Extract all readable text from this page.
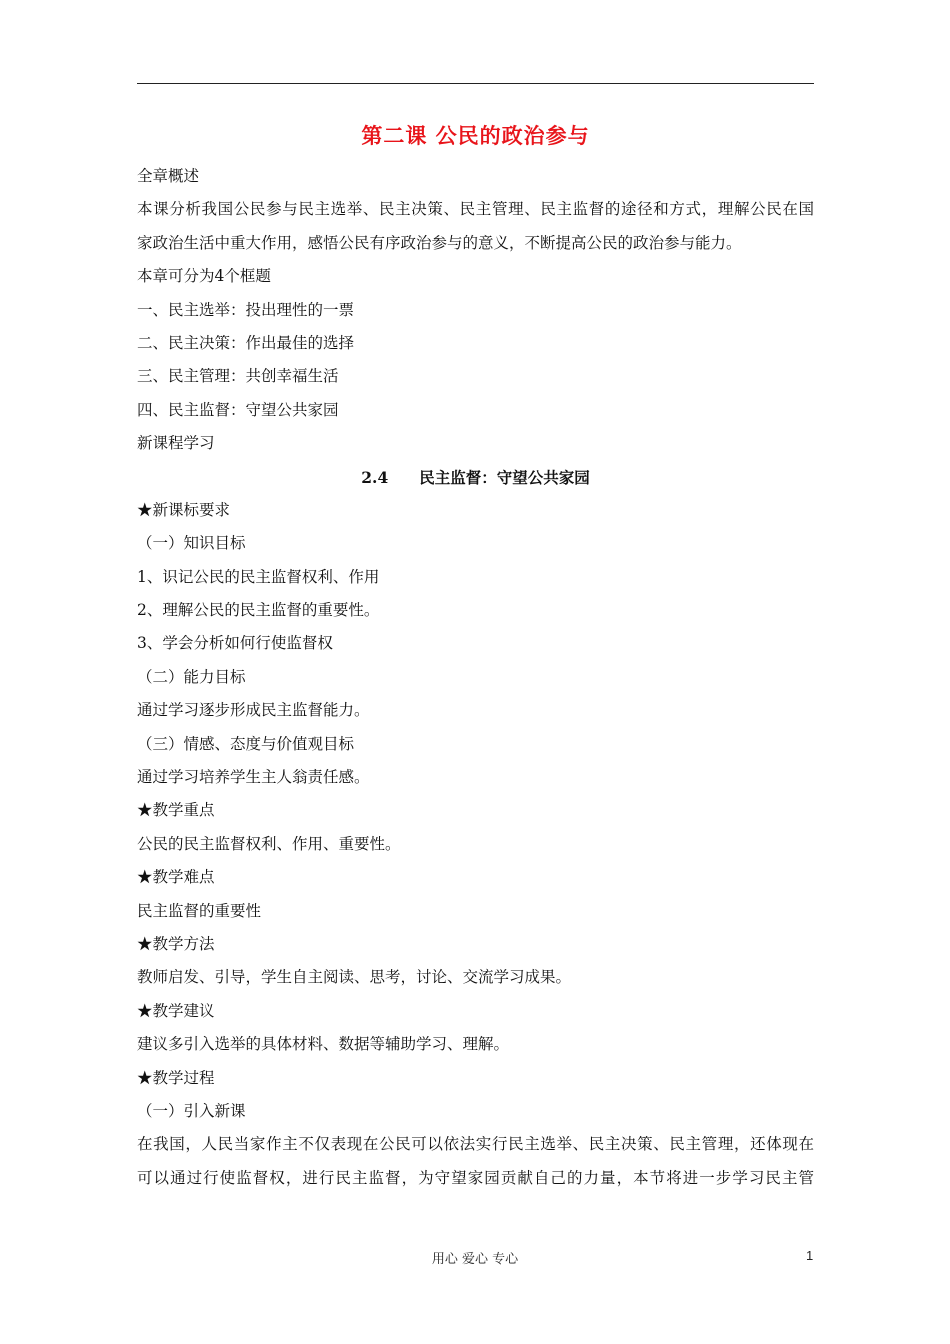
第二课 公民的政治参与
全章概述
本课分析我国公民参与民主选举、民主决策、民主管理、民主监督的途径和方式，理解公民在国
家政治生活中重大作用，感悟公民有序政治参与的意义，不断提高公民的政治参与能力。
本章可分为4个框题
一、民主选举：投出理性的一票
二、民主决策：作出最佳的选择
三、民主管理：共创幸福生活
四、民主监督：守望公共家园
新课程学习
2.4　　民主监督：守望公共家园
★新课标要求
（一）知识目标
1、识记公民的民主监督权利、作用
2、理解公民的民主监督的重要性。
3、学会分析如何行使监督权
（二）能力目标
通过学习逐步形成民主监督能力。
（三）情感、态度与价值观目标
通过学习培养学生主人翁责任感。
★教学重点
公民的民主监督权利、作用、重要性。
★教学难点
民主监督的重要性
★教学方法
教师启发、引导，学生自主阅读、思考，讨论、交流学习成果。
★教学建议
建议多引入选举的具体材料、数据等辅助学习、理解。
★教学过程
（一）引入新课
在我国，人民当家作主不仅表现在公民可以依法实行民主选举、民主决策、民主管理，还体现在
可以通过行使监督权，进行民主监督，为守望家园贡献自己的力量，本节将进一步学习民主管
用心 爱心 专心	1
